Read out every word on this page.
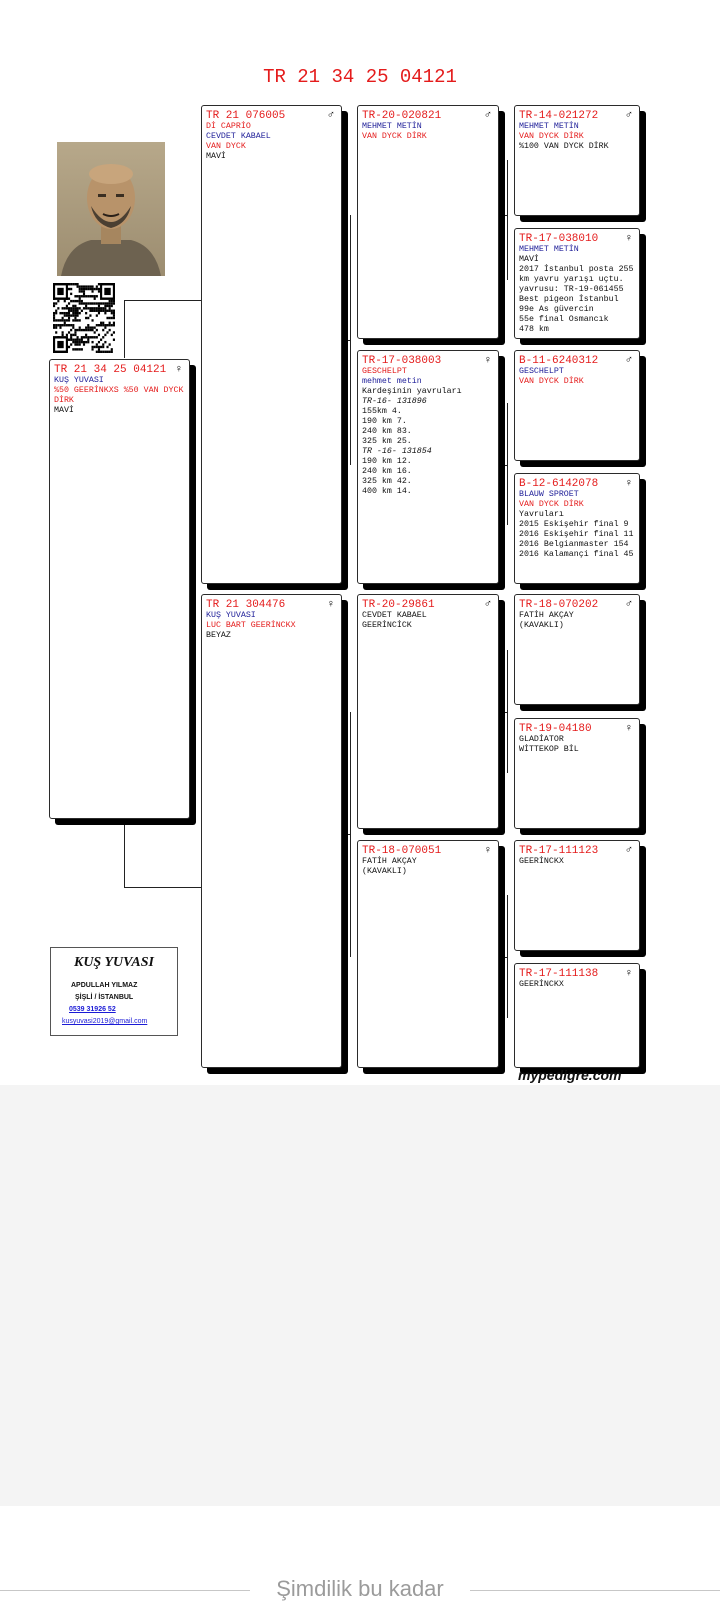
TR 21 34 25 04121
TR 21 34 25 04121 ♀
KUŞ YUVASI
%50 GEERİNKXS %50 VAN DYCK DİRK
MAVİ
TR 21 076005	♂
Dİ CAPRİO
CEVDET KABAEL
VAN DYCK
MAVİ
TR 21 304476	♀
KUŞ YUVASI
LUC BART GEERİNCKX
BEYAZ
TR-20-020821	♂
MEHMET METİN
VAN DYCK DİRK
TR-17-038003	♀
GESCHELPT
mehmet metin
Kardeşinin yavruları
TR-16- 131896
155km 4.
190 km 7.
240 km 83.
325 km 25.
TR -16- 131854
190 km 12.
240 km 16.
325 km 42.
400 km 14.
TR-20-29861	♂
CEVDET KABAEL
GEERİNCİCK
TR-18-070051	♀
FATİH AKÇAY
(KAVAKLI)
TR-14-021272	♂
MEHMET METİN
VAN DYCK DİRK
%100 VAN DYCK DİRK
TR-17-038010	♀
MEHMET METİN
MAVİ
2017 İstanbul posta 255 km yavru yarışı uçtu.
yavrusu: TR-19-061455
Best pigeon İstanbul
99e As güvercin
55e final Osmancık
478 km
B-11-6240312	♂
GESCHELPT
VAN DYCK DİRK
B-12-6142078	♀
BLAUW SPROET
VAN DYCK DİRK
Yavruları
2015 Eskişehir final 9
2016 Eskişehir final 11
2016 Belgianmaster 154
2016 Kalamançi final 45
TR-18-070202	♂
FATİH AKÇAY
(KAVAKLI)
TR-19-04180	♀
GLADİATOR
WİTTEKOP BİL
TR-17-111123	♂
GEERİNCKX
TR-17-111138	♀
GEERİNCKX
KUŞ YUVASI
APDULLAH YILMAZ
ŞİŞLİ / İSTANBUL
0539 31926 52
kusyuvasi2019@gmail.com
mypedigre.com
Şimdilik bu kadar
